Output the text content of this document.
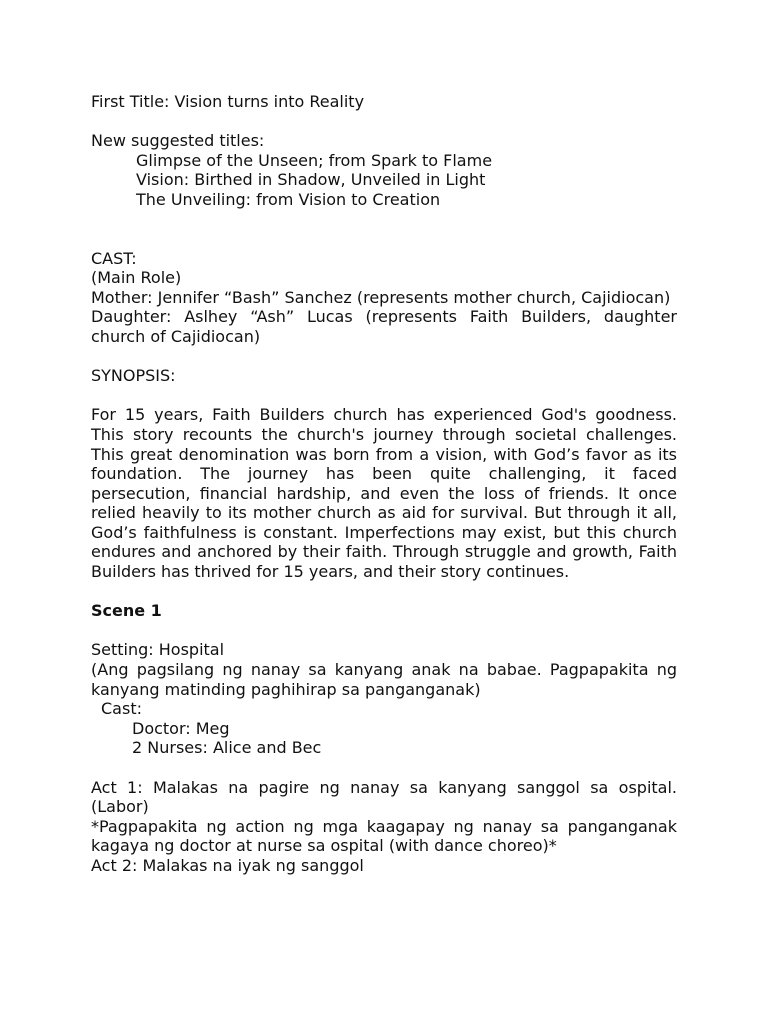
First Title: Vision turns into Reality
New suggested titles:
Glimpse of the Unseen; from Spark to Flame
Vision: Birthed in Shadow, Unveiled in Light
The Unveiling: from Vision to Creation
CAST:
(Main Role)
Mother: Jennifer “Bash” Sanchez (represents mother church, Cajidiocan)
Daughter: Aslhey “Ash” Lucas (represents Faith Builders, daughter church of Cajidiocan)
SYNOPSIS:
For 15 years, Faith Builders church has experienced God's goodness. This story recounts the church's journey through societal challenges. This great denomination was born from a vision, with God’s favor as its foundation. The journey has been quite challenging, it faced persecution, financial hardship, and even the loss of friends. It once relied heavily to its mother church as aid for survival. But through it all, God’s faithfulness is constant. Imperfections may exist, but this church endures and anchored by their faith. Through struggle and growth, Faith Builders has thrived for 15 years, and their story continues.
Scene 1
Setting: Hospital
(Ang pagsilang ng nanay sa kanyang anak na babae. Pagpapakita ng kanyang matinding paghihirap sa panganganak)
Cast:
Doctor: Meg
2 Nurses: Alice and Bec
Act 1: Malakas na pagire ng nanay sa kanyang sanggol sa ospital. (Labor)
*Pagpapakita ng action ng mga kaagapay ng nanay sa panganganak kagaya ng doctor at nurse sa ospital (with dance choreo)*
Act 2: Malakas na iyak ng sanggol
